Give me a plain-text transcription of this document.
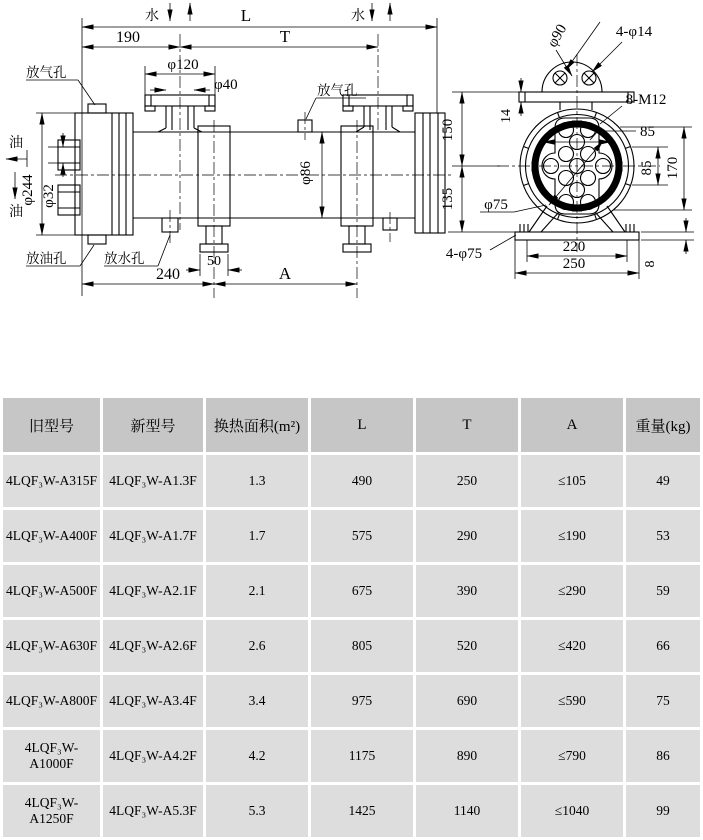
水	L	水
190	T
φ120
φ40
放气孔
放气孔
油
油
φ244 φ32
φ86
放油孔	放水孔	50
240	A
φ90	4-φ14
8-M12
85
85 170
150
14
135 φ75
4-φ75	220
250	8
旧型号	新型号	换热面积(m²)	L	T	A	重量(kg)
4LQF₃W-A315F	4LQF₃W-A1.3F	1.3	490	250	≤105	49
4LQF₃W-A400F	4LQF₃W-A1.7F	1.7	575	290	≤190	53
4LQF₃W-A500F	4LQF₃W-A2.1F	2.1	675	390	≤290	59
4LQF₃W-A630F	4LQF₃W-A2.6F	2.6	805	520	≤420	66
4LQF₃W-A800F	4LQF₃W-A3.4F	3.4	975	690	≤590	75
4LQF₃W-A1000F	4LQF₃W-A4.2F	4.2	1175	890	≤790	86
4LQF₃W-A1250F	4LQF₃W-A5.3F	5.3	1425	1140	≤1040	99
